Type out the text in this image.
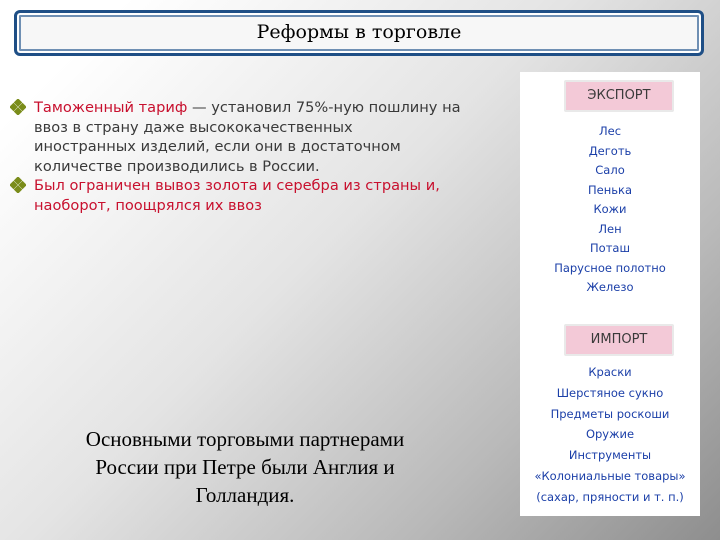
Реформы в торговле
Таможенный тариф — установил 75%-ную пошлину на
ввоз в страну даже высококачественных
иностранных изделий, если они в достаточном
количестве производились в России.
Был ограничен вывоз золота и серебра из страны и,
наоборот, поощрялся их ввоз
Основными торговыми партнерами
России при Петре были Англия и
Голландия.
ЭКСПОРТ
Лес
Деготь
Сало
Пенька
Кожи
Лен
Поташ
Парусное полотно
Железо
ИМПОРТ
Краски
Шерстяное сукно
Предметы роскоши
Оружие
Инструменты
«Колониальные товары»
(сахар, пряности и т. п.)
